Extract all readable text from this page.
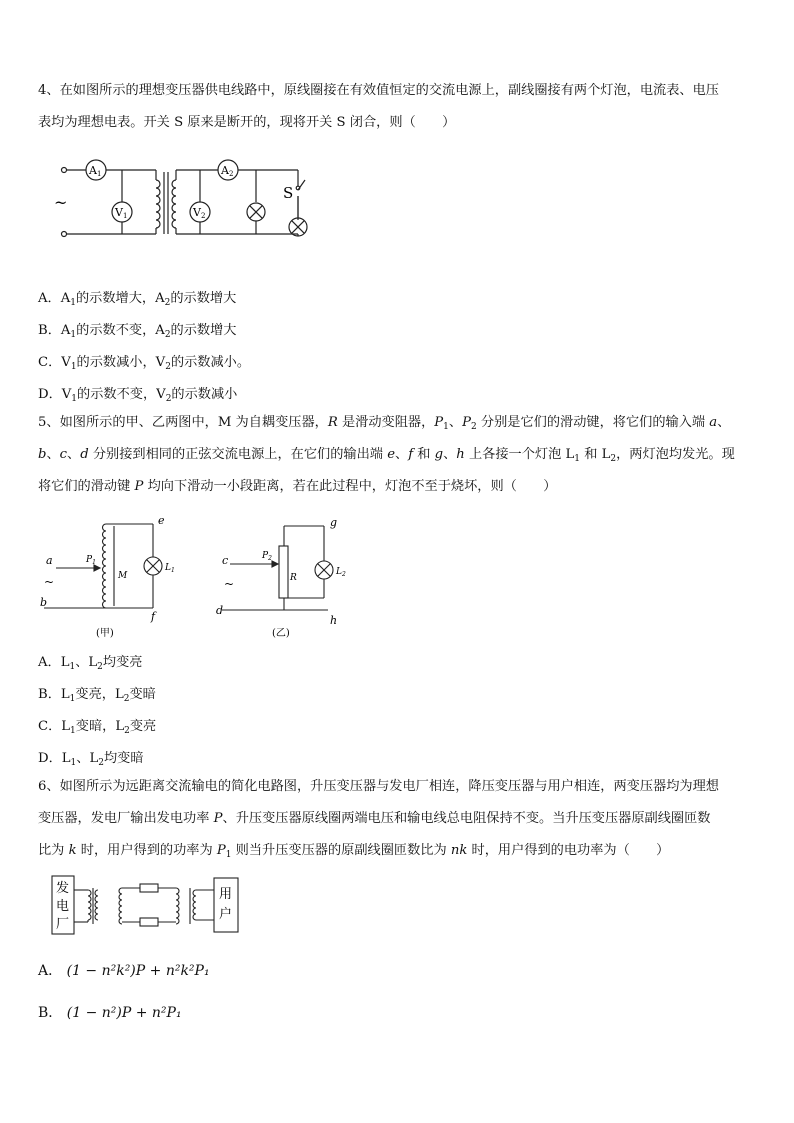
4、在如图所示的理想变压器供电线路中，原线圈接在有效值恒定的交流电源上，副线圈接有两个灯泡，电流表、电压
表均为理想电表。开关 S 原来是断开的，现将开关 S 闭合，则（　　）
~
A1
V1
A2
V2
S
A．$A_1$的示数增大，$A_2$的示数增大
B．$A_1$的示数不变，$A_2$的示数增大
C．$V_1$的示数减小，$V_2$的示数减小。
D．$V_1$的示数不变，$V_2$的示数减小
5、如图所示的甲、乙两图中，M 为自耦变压器，R 是滑动变阻器，$P_1$、$P_2$ 分别是它们的滑动键，将它们的输入端 a、
b、c、d 分别接到相同的正弦交流电源上，在它们的输出端 e、f 和 g、h 上各接一个灯泡 $L_1$ 和 $L_2$，两灯泡均发光。现
将它们的滑动键 P 均向下滑动一小段距离，若在此过程中，灯泡不至于烧坏，则（　　）
a
b
~
e
f
$P_1$
M
$L_1$
(甲)
c
d
~
g
h
$P_2$
R
$L_2$
(乙)
A．$L_1$、$L_2$均变亮
B．$L_1$变亮，$L_2$变暗
C．$L_1$变暗，$L_2$变亮
D．$L_1$、$L_2$均变暗
6、如图所示为远距离交流输电的简化电路图，升压变压器与发电厂相连，降压变压器与用户相连，两变压器均为理想
变压器，发电厂输出发电功率 P、升压变压器原线圈两端电压和输电线总电阻保持不变。当升压变压器原副线圈匝数
比为 k 时，用户得到的功率为 $P_1$ 则当升压变压器的原副线圈匝数比为 nk 时，用户得到的电功率为（　　）
发
电
厂
用
户
A． (1 − n²k²)P + n²k²P₁
B． (1 − n²)P + n²P₁
